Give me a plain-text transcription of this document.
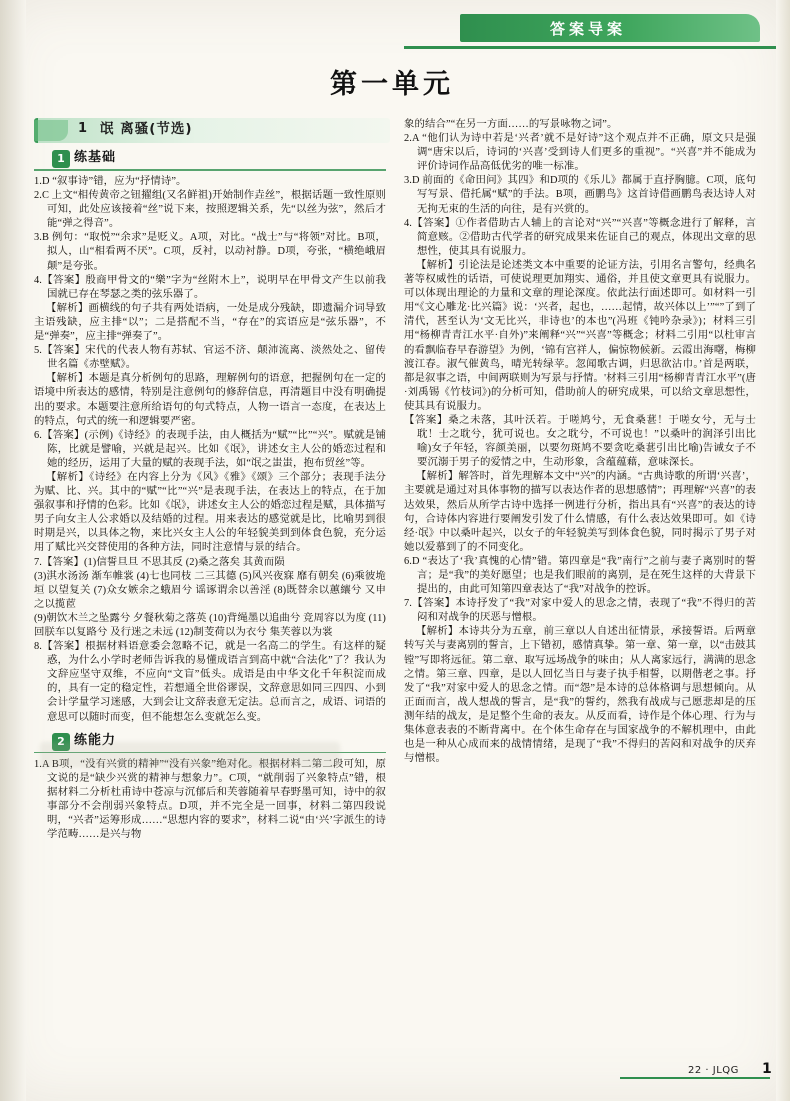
答案导案
第一单元
1 氓 离骚(节选)
1 练基础

1.D “叙事诗”错，应为“抒情诗”。

2.C 上文“相传黄帝之钮擢组(又名鲜祖)开始制作垚丝”，根据话题一致性原则可知，此处应该接着“丝”说下来，按照逻辑关系，先“以丝为弦”，然后才能“弹之得音”。

3.B 例句：“取悦”“余求”是贬义。A项，对比。“战士”与“将领”对比。B项，拟人，山“相看两不厌”。C项，反衬，以动衬静。D项，夸张，“横绝峨眉颠”是夸张。

4.【答案】殷商甲骨文的“樂”字为“丝附木上”，说明早在甲骨文产生以前我国就已存在琴瑟之类的弦乐器了。

【解析】画横线的句子共有两处语病，一处是成分残缺，即遗漏介词导致主语残缺，应主排“以”；二是搭配不当，“存在”的宾语应是“弦乐器”，不是“弹奏”，应主排“弹奏了”。

5.【答案】宋代的代表人物有苏轼、官运不济、颠沛流离、淡然处之、留传世名篇《赤壁赋》。

【解析】本题是真分析例句的思路，理解例句的语意，把握例句在一定的语境中所表达的感情，特别是注意例句的修辞信息，再清题目中没有明确提出的要求。本题要注意所给语句的句式特点，人物一语言一态度，在表达上的特点，句式的统一和逻辑要严密。

6.【答案】(示例)《诗经》的表现手法，由人概括为“赋”“比”“兴”。赋就是铺陈，比就是譬喻，兴就是起兴。比如《氓》，讲述女主人公的婚恋过程和她的经历，运用了大量的赋的表现手法，如“氓之蚩蚩，抱布贸丝”等。

【解析】《诗经》在内容上分为《风》《雅》《颂》三个部分；表现手法分为赋、比、兴。其中的“赋”“比”“兴”是表现手法，在表达上的特点，在于加强叙事和抒情的色彩。比如《氓》，讲述女主人公的婚恋过程是赋，具体描写男子向女主人公求婚以及结婚的过程。用来表达的感觉就是比，比喻男到很时期是兴，以具体之物，来比兴女主人公的年轻貌美到到体食色貌，充分运用了赋比兴交替使用的各种方法，同时注意情与景的结合。

7.【答案】(1)信誓旦旦 不思其反 (2)桑之落矣 其黄而陨

(3)淇水汤汤 渐车帷裳 (4)七也同枝 二三其德 (5)风兴夜寐 靡有朝矣 (6)乘彼垝垣 以望复关 (7)众女嫉余之蛾眉兮 谣诼谓余以善淫 (8)既替余以蕙纕兮 又申之以揽茝

(9)朝饮木兰之坠露兮 夕餐秋菊之落英 (10)背绳墨以追曲兮 竞周容以为度 (11)回朕车以复路兮 及行迷之未远 (12)制芰荷以为衣兮 集芙蓉以为裳

8.【答案】根据材料语意委会忽略不记，就是一名高二的学生。有这样的疑惑，为什么小学时老师告诉我的易懂成语言到高中就“合法化”了？我认为文辞应坚守双维，不应向“文盲”低头。成语是由中华文化千年积淀而成的，具有一定的稳定性，若想通全世俗谬误，文辞意思如同三四四、小到会计学量学习迷感，大到会让文辞表意无定法。总而言之，成语、词语的意思可以随时而变，但不能想怎么变就怎么变。

2 练能力

1.A B项，“没有兴赏的精神”“没有兴象”绝对化。根据材料二第二段可知，原文说的是“缺少兴赏的精神与想象力”。C项，“就削弱了兴象特点”错，根据材料二分析杜甫诗中苍凉与沉郁后和芙蓉随着早春野墨可知，诗中的叙事部分不会削弱兴象特点。D项，并不完全是一回事，材料二第四段说明，“兴者”运筹形成……“思想内容的要求”，材料二说“由‘兴’字派生的诗学范畴……是兴与物

象的结合”“在另一方面……的写景咏物之词”。

2.A “他们认为诗中若是‘兴者’就不是好诗”这个观点并不正确，原文只是强调“唐宋以后，诗词的‘兴喜’受到诗人们更多的重视”。“兴喜”并不能成为评价诗词作品高低优劣的唯一标准。

3.D 前面的《命田问》其四》和D项的《乐儿》都属于直抒胸臆。C项，底句写写景、借托属“赋”的手法。B项，画鹏鸟》这首诗借画鹏鸟表达诗人对无拘无束的生活的向往，是有兴赏的。

4.【答案】①作者借助古人辅上的言论对“兴”“兴喜”等概念进行了解释，言简意赅。②借助古代学者的研究成果来佐证自己的观点，体现出文章的思想性，使其具有说服力。

【解析】引论法是论述类文本中重要的论证方法，引用名言警句，经典名著等权威性的话语，可使说理更加翔实、通俗，并且使文章更具有说服力。可以体现出理论的力量和文章的理论深度。依此法行面述即可。如材料一引用“《文心雕龙·比兴篇》说：‘兴者，起也，……起情，故兴体以上’”“”了到了清代，甚至认为‘文无比兴，非诗也’的本也”(冯班《钝吟杂录》)；材料三引用“杨柳青青江水平·自外)”来阐释“兴”“兴喜”等概念；材料二引用“以杜审言的看飘临春早春游望》为例，‘锦有宫祥人，偏惊物候新。云霞出海曙，梅柳渡江春。淑气催黄鸟，晴光转绿苹。忽闻歌古调，归思欲沾巾。’首是两联，都是叙事之语，中间两联则为写景与抒情。'材料三引用“杨柳青青江水平”(唐·刘禹锡《竹枝词》)的分析可知，借助前人的研究成果，可以给文章思想性，使其具有说服力。

【答案】桑之未落，其叶沃若。于嗟鸠兮，无食桑葚！于嗟女兮，无与士耽！士之耽兮，犹可说也。女之耽兮，不可说也！”以桑叶的润泽引出比喻)女子年轻，容颜美丽，以要勿斑鸠不要贪吃桑葚引出比喻)告诫女子不要沉溺于男子的爱情之中，生动形象，含蕴蕴藉，意味深长。

【解析】解答时，首先理解本文中“兴”的内涵。“古典诗歌的所谓‘兴喜’，主要就是通过对具体事物的描写以表达作者的思想感情”；再理解“兴喜”的表达效果，然后从所学古诗中选择一例进行分析，指出具有“兴喜”的表达的诗句，合诗体内容进行要阐发引发了什么情感，有什么表达效果即可。如《诗经·氓》中以桑叶起兴，以女子的年轻貌美写到体食色貌，同时揭示了男子对她以爱慕到了的不同变化。

6.D “表达了‘我’真愧的心情”错。第四章是“我”南行”之前与妻子离别时的誓言；是“我”的美好愿望；也是我们眼前的离别，是在死生这样的大背景下提出的，由此可知第四章表达了“我”对战争的控诉。

7.【答案】本诗抒发了“我”对家中爱人的思念之情，表现了“我”不得归的苦闷和对战争的厌恶与憎根。

【解析】本诗共分为五章，前三章以人自述出征情景，承接誓语。后两章转写关与妻离别的誓言，上下错初，感情真挚。第一章、第一章，以“击鼓其镗”写即将远征。第二章、取写远场战争的味由；从人离家远行，满满的思念之情。第三章、四章，是以人回忆当日与妻子执手相誓，以期偕老之事。抒发了“我”对家中爱人的思念之情。而“怨”是本诗的总体格调与思想倾向。从正面而言，战人想战的誓言，是“我”的誓约，然我有战成与己愿悲却是的压测年结的战友，是足整个生命的表友。从反而看，诗作是个体心理、行为与集体意表表的不断背离中。在个体生命存在与国家战争的不解机理中，由此也是一种从心成而来的战情情绪，是现了“我”不得归的苦闷和对战争的厌弃与憎根。

22 · JLQG 1
